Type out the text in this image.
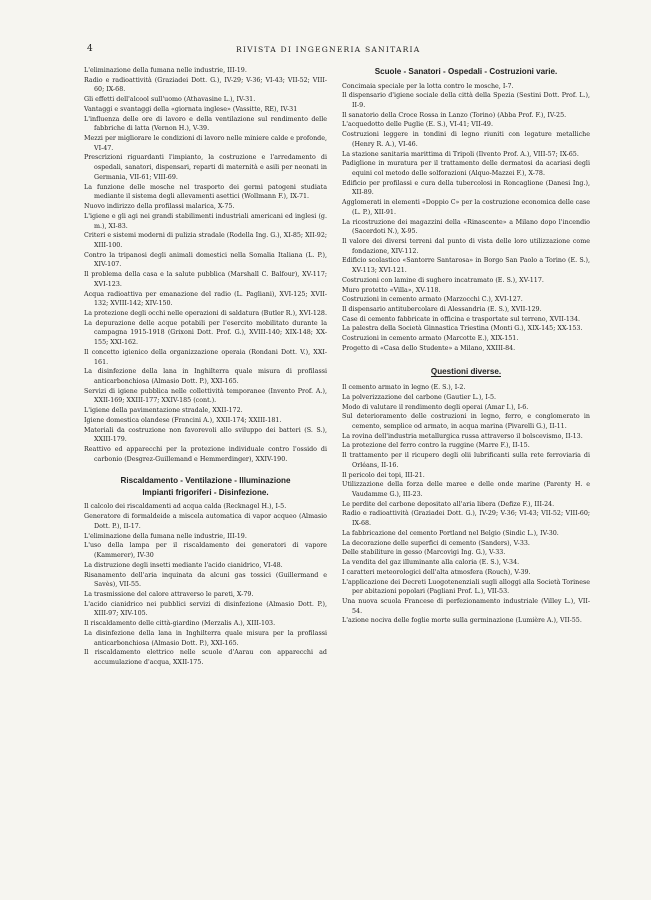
4	RIVISTA DI INGEGNERIA SANITARIA

L'eliminazione della fumana nelle industrie, III-19.

Radio e radioattività (Graziadei Dott. G.), IV-29; V-36; VI-43; VII-52; VIII-60; IX-68.

Gli effetti dell'alcool sull'uomo (Athavasine L.), IV-31.

Vantaggi e svantaggi della «giornata inglese» (Vassitte, RE), IV-31

L'influenza delle ore di lavoro e della ventilazione sul rendimento delle fabbriche di latta (Vernon H.), V-39.

Mezzi per migliorare le condizioni di lavoro nelle miniere calde e profonde, VI-47.

Prescrizioni riguardanti l'impianto, la costruzione e l'arredamento di ospedali, sanatori, dispensari, reparti di maternità e asili per neonati in Germania, VII-61; VIII-69.

La funzione delle mosche nel trasporto dei germi patogeni studiata mediante il sistema degli allevamenti asettici (Wollmann F.), IX-71.

Nuovo indirizzo della profilassi malarica, X-75.

L'igiene e gli agi nei grandi stabilimenti industriali americani ed inglesi (g. m.), XI-83.

Criteri e sistemi moderni di pulizia stradale (Rodella Ing. G.), XI-85; XII-92; XIII-100.

Contro la tripanosi degli animali domestici nella Somalia Italiana (L. P.), XIV-107.

Il problema della casa e la salute pubblica (Marshall C. Balfour), XV-117; XVI-123.

Acqua radioattiva per emanazione del radio (L. Pagliani), XVI-125; XVII-132; XVIII-142; XIV-150.

La protezione degli occhi nelle operazioni di saldatura (Butler R.), XVI-128.

La depurazione delle acque potabili per l'esercito mobilitato durante la campagna 1915-1918 (Grixoni Dott. Prof. G.), XVIII-140; XIX-148; XX-155; XXI-162.

Il concetto igienico della organizzazione operaia (Rondani Dott. V.), XXI-161.

La disinfezione della lana in Inghilterra quale misura di profilassi anticarbonchiosa (Almasio Dott. P.), XXI-165.

Servizi di igiene pubblica nelle collettività temporanee (Invento Prof. A.), XXII-169; XXIII-177; XXIV-185 (cont.).

L'igiene della pavimentazione stradale, XXII-172.

Igiene domestica olandese (Francini A.), XXII-174; XXIII-181.

Materiali da costruzione non favorevoli allo sviluppo dei batteri (S. S.), XXIII-179.

Reattivo ed apparecchi per la protezione individuale contro l'ossido di carbonio (Desgrez-Guillemand e Hemmerdinger), XXIV-190.

Riscaldamento - Ventilazione - Illuminazione
Impianti frigoriferi - Disinfezione.

Il calcolo dei riscaldamenti ad acqua calda (Recknagel H.), I-5.

Generatore di formaldeide a miscela automatica di vapor acqueo (Almasio Dott. P.), II-17.

L'eliminazione della fumana nelle industrie, III-19.

L'uso della lampa per il riscaldamento dei generatori di vapore (Kammerer), IV-30

La distruzione degli insetti mediante l'acido cianidrico, VI-48.

Risanamento dell'aria inquinata da alcuni gas tossici (Guillermand e Savès), VII-55.

La trasmissione del calore attraverso le pareti, X-79.

L'acido cianidrico nei pubblici servizi di disinfezione (Almasio Dott. P.), XIII-97; XIV-105.

Il riscaldamento delle città-giardino (Merzalis A.), XIII-103.

La disinfezione della lana in Inghilterra quale misura per la profilassi anticarbonchiosa (Almasio Dott. P.), XXI-165.

Il riscaldamento elettrico nelle scuole d'Aarau con apparecchi ad accumulazione d'acqua, XXII-175.

Scuole - Sanatori - Ospedali - Costruzioni varie.

Concimaia speciale per la lotta contro le mosche, I-7.

Il dispensario d'igiene sociale della città della Spezia (Sestini Dott. Prof. L.), II-9.

Il sanatorio della Croce Rossa in Lanzo (Torino) (Abba Prof. F.), IV-25.

L'acquedotto delle Puglie (E. S.), VI-41; VII-49.

Costruzioni leggere in tondini di legno riuniti con legature metalliche (Henry R. A.), VI-46.

La stazione sanitaria marittima di Tripoli (Ilvento Prof. A.), VIII-57; IX-65.

Padiglione in muratura per il trattamento delle dermatosi da acariasi degli equini col metodo delle solforazioni (Alquo-Mazzei F.), X-78.

Edificio per profilassi e cura della tubercolosi in Roncaglione (Danesi Ing.), XII-89.

Agglomerati in elementi «Doppio C» per la costruzione economica delle case (L. P.), XII-91.

La ricostruzione dei magazzini della «Rinascente» a Milano dopo l'incendio (Sacerdoti N.), X-95.

Il valore dei diversi terreni dal punto di vista delle loro utilizzazione come fondazione, XIV-112.

Edificio scolastico «Santorre Santarosa» in Borgo San Paolo a Torino (E. S.), XV-113; XVI-121.

Costruzioni con lamine di sughero incatramato (E. S.), XV-117.

Muro protetto «Villa», XV-118.

Costruzioni in cemento armato (Marzocchi C.), XVI-127.

Il dispensario antitubercolare di Alessandria (E. S.), XVII-129.

Case di cemento fabbricate in officina e trasportate sul terreno, XVII-134.

La palestra della Società Ginnastica Triestina (Monti G.), XIX-145; XX-153.

Costruzioni in cemento armato (Marcotte E.), XIX-151.

Progetto di «Casa dello Studente» a Milano, XXIII-84.

Questioni diverse.

Il cemento armato in legno (E. S.), I-2.

La polverizzazione del carbone (Gautier L.), I-5.

Modo di valutare il rendimento degli operai (Amar I.), I-6.

Sul deterioramento delle costruzioni in legno, ferro, e conglomerato in cemento, semplice od armato, in acqua marina (Pivarelli G.), II-11.

La rovina dell'industria metallurgica russa attraverso il bolscevismo, II-13.

La protezione del ferro contro la ruggine (Marre F.), II-15.

Il trattamento per il ricupero degli olii lubrificanti sulla rete ferroviaria di Orléans, II-16.

Il pericolo dei topi, III-21.

Utilizzazione della forza delle maree e delle onde marine (Parenty H. e Vaudamme G.), III-23.

Le perdite del carbone depositato all'aria libera (Defize F.), III-24.

Radio e radioattività (Graziadei Dott. G.), IV-29; V-36; VI-43; VII-52; VIII-60; IX-68.

La fabbricazione del cemento Portland nel Belgio (Sindic L.), IV-30.

La decorazione delle superfici di cemento (Sanders), V-33.

Delle stabiliture in gesso (Marcovigi Ing. G.), V-33.

La vendita del gaz illuminante alla caloria (E. S.), V-34.

I caratteri meteorologici dell'alta atmosfera (Rouch), V-39.

L'applicazione dei Decreti Luogotenenziali sugli alloggi alla Società Torinese per abitazioni popolari (Pagliani Prof. L.), VII-53.

Una nuova scuola Francese di perfezionamento industriale (Villey L.), VII-54.

L'azione nociva delle foglie morte sulla germinazione (Lumière A.), VII-55.
